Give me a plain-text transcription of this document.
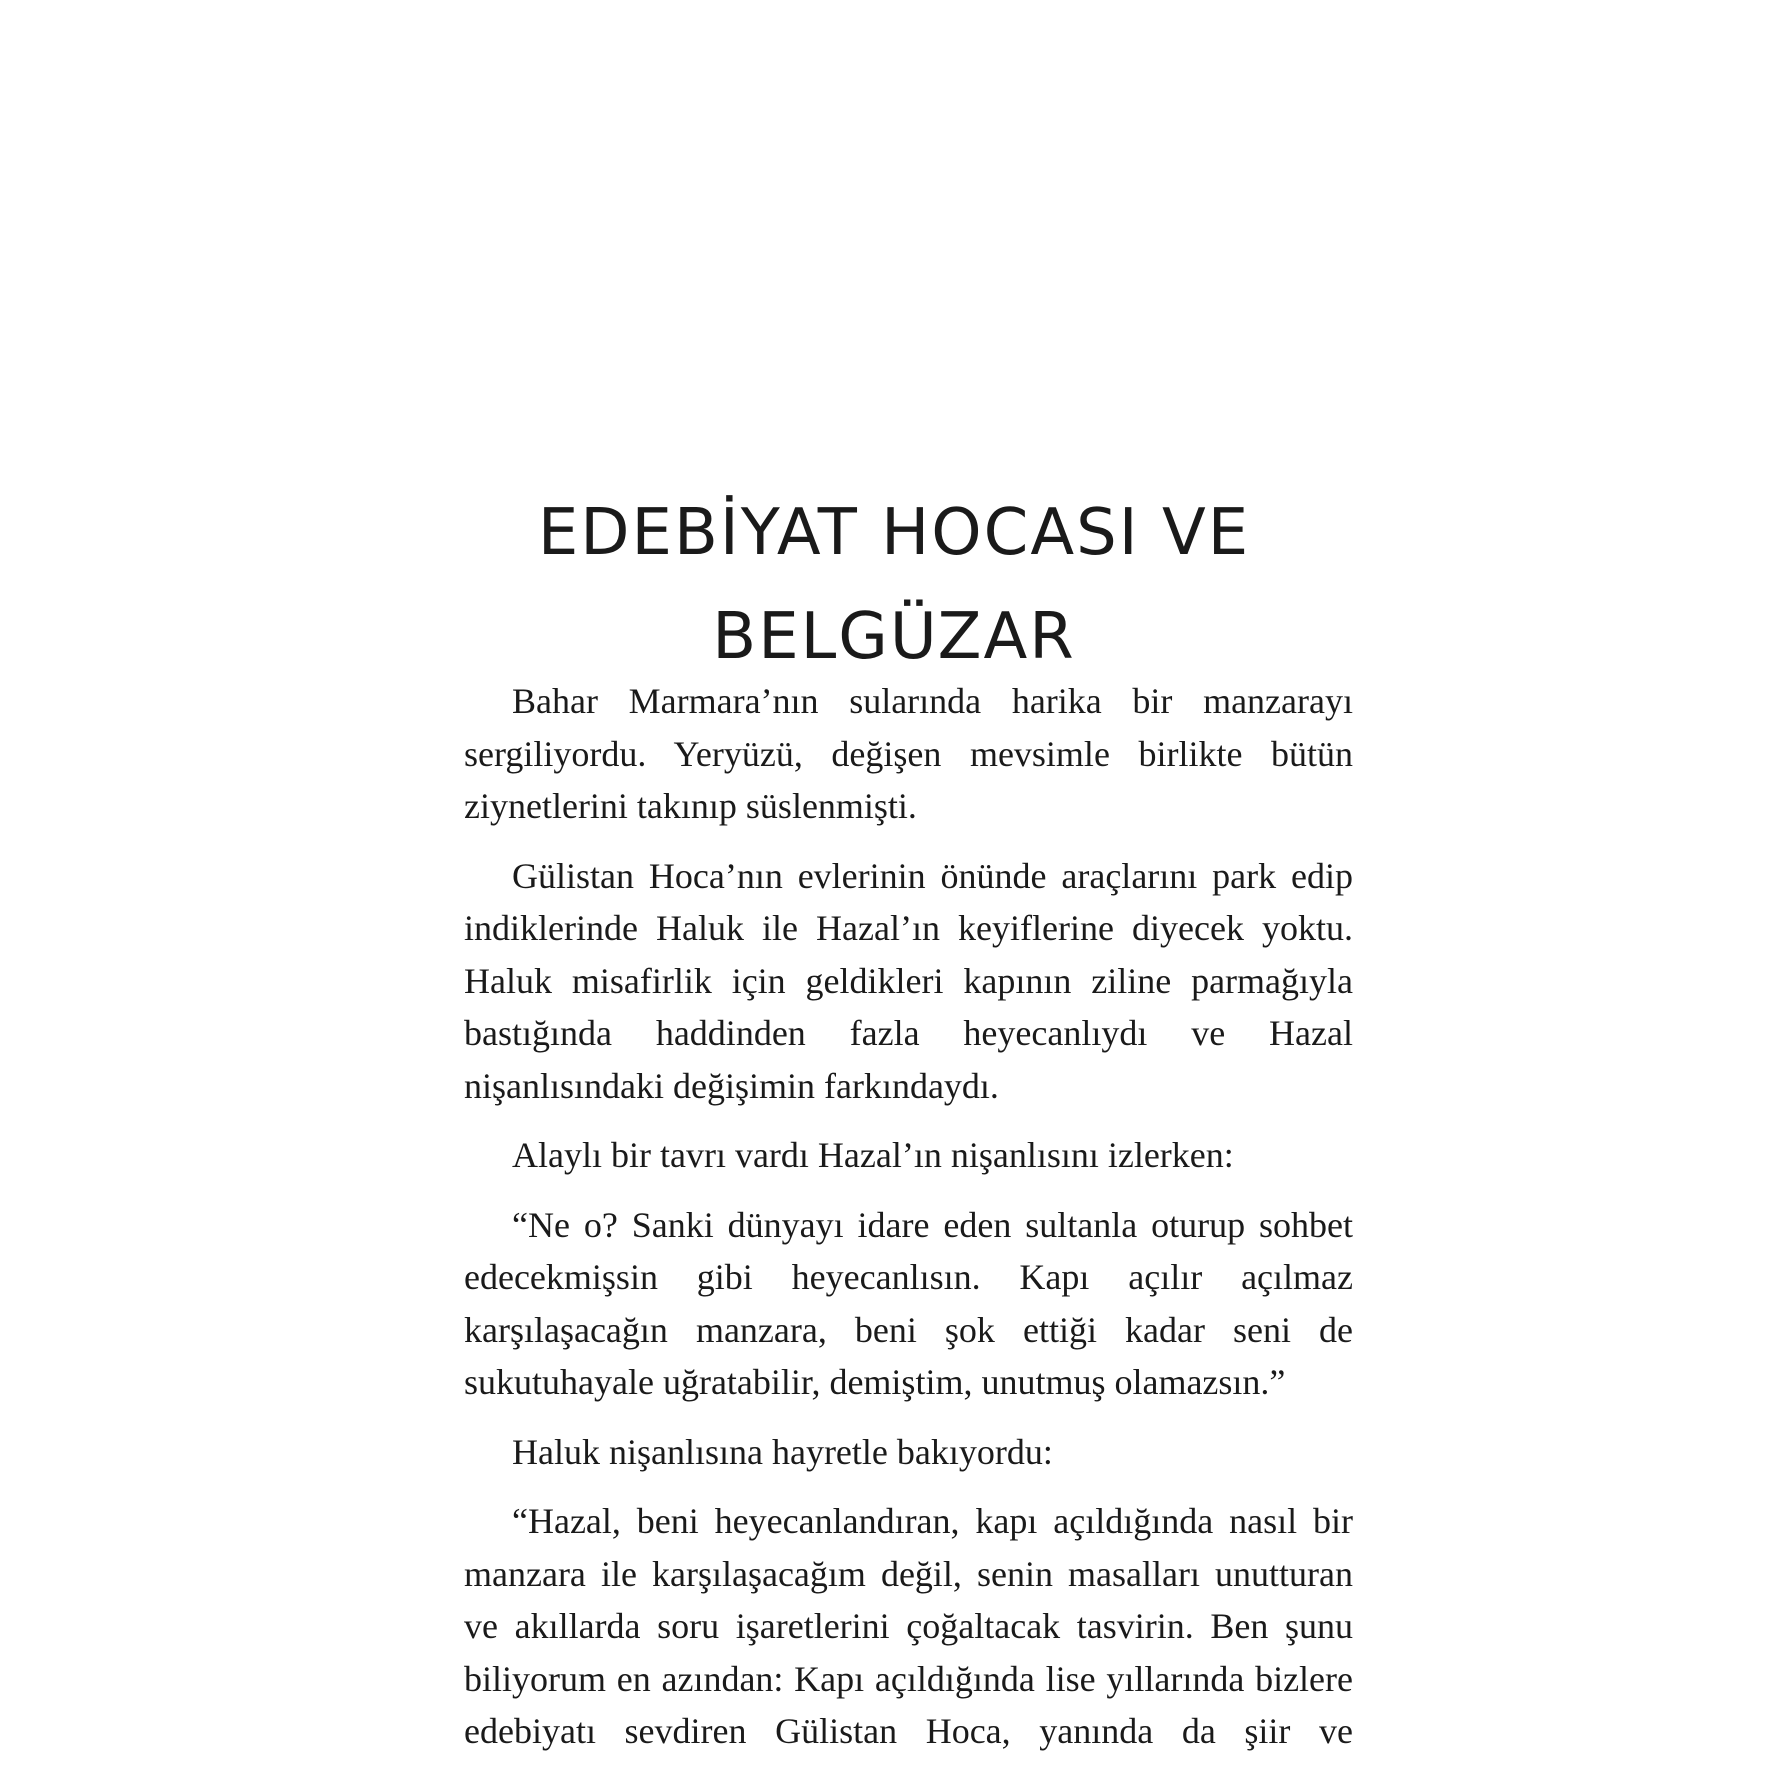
EDEBİYAT HOCASI VE
BELGÜZAR

Bahar Marmara’nın sularında harika bir manzarayı sergiliyordu. Yeryüzü, değişen mevsimle birlikte bütün ziynetlerini takınıp süslenmişti.

Gülistan Hoca’nın evlerinin önünde araçlarını park edip indiklerinde Haluk ile Hazal’ın keyiflerine diyecek yoktu. Haluk misafirlik için geldikleri kapının ziline parmağıyla bastığında haddinden fazla heyecanlıydı ve Hazal nişanlısındaki değişimin farkındaydı.

Alaylı bir tavrı vardı Hazal’ın nişanlısını izlerken:

“Ne o? Sanki dünyayı idare eden sultanla oturup sohbet edecekmişsin gibi heyecanlısın. Kapı açılır açılmaz karşılaşacağın manzara, beni şok ettiği kadar seni de sukutuhayale uğratabilir, demiştim, unutmuş olamazsın.”

Haluk nişanlısına hayretle bakıyordu:

“Hazal, beni heyecanlandıran, kapı açıldığında nasıl bir manzara ile karşılaşacağım değil, senin masalları unutturan ve akıllarda soru işaretlerini çoğaltacak tasvirin. Ben şunu biliyorum en azından: Kapı açıldığında lise yıllarında bizlere edebiyatı sevdiren Gülistan Hoca, yanında da şiir ve
